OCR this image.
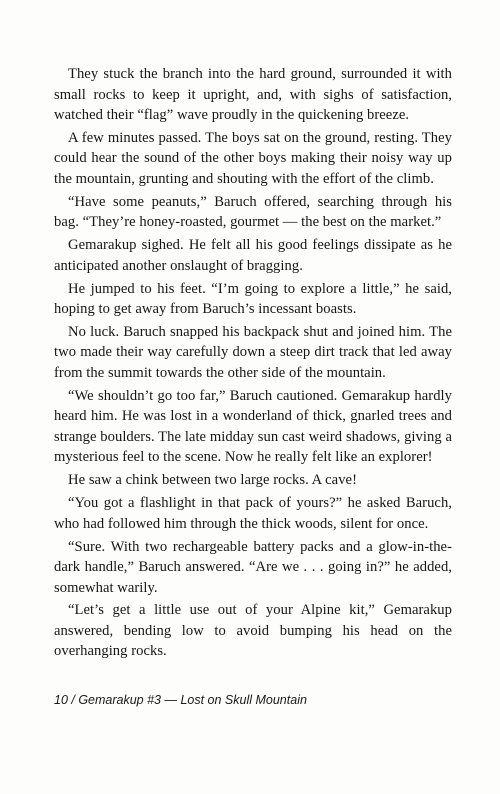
They stuck the branch into the hard ground, surrounded it with small rocks to keep it upright, and, with sighs of satisfaction, watched their “flag” wave proudly in the quickening breeze.

A few minutes passed. The boys sat on the ground, resting. They could hear the sound of the other boys making their noisy way up the mountain, grunting and shouting with the effort of the climb.

“Have some peanuts,” Baruch offered, searching through his bag. “They’re honey-roasted, gourmet — the best on the market.”

Gemarakup sighed. He felt all his good feelings dissipate as he anticipated another onslaught of bragging.

He jumped to his feet. “I’m going to explore a little,” he said, hoping to get away from Baruch’s incessant boasts.

No luck. Baruch snapped his backpack shut and joined him. The two made their way carefully down a steep dirt track that led away from the summit towards the other side of the mountain.

“We shouldn’t go too far,” Baruch cautioned. Gemarakup hardly heard him. He was lost in a wonderland of thick, gnarled trees and strange boulders. The late midday sun cast weird shadows, giving a mysterious feel to the scene. Now he really felt like an explorer!

He saw a chink between two large rocks. A cave!

“You got a flashlight in that pack of yours?” he asked Baruch, who had followed him through the thick woods, silent for once.

“Sure. With two rechargeable battery packs and a glow-in-the-dark handle,” Baruch answered. “Are we . . . going in?” he added, somewhat warily.

“Let’s get a little use out of your Alpine kit,” Gemarakup answered, bending low to avoid bumping his head on the overhanging rocks.

10 / Gemarakup #3 — Lost on Skull Mountain
